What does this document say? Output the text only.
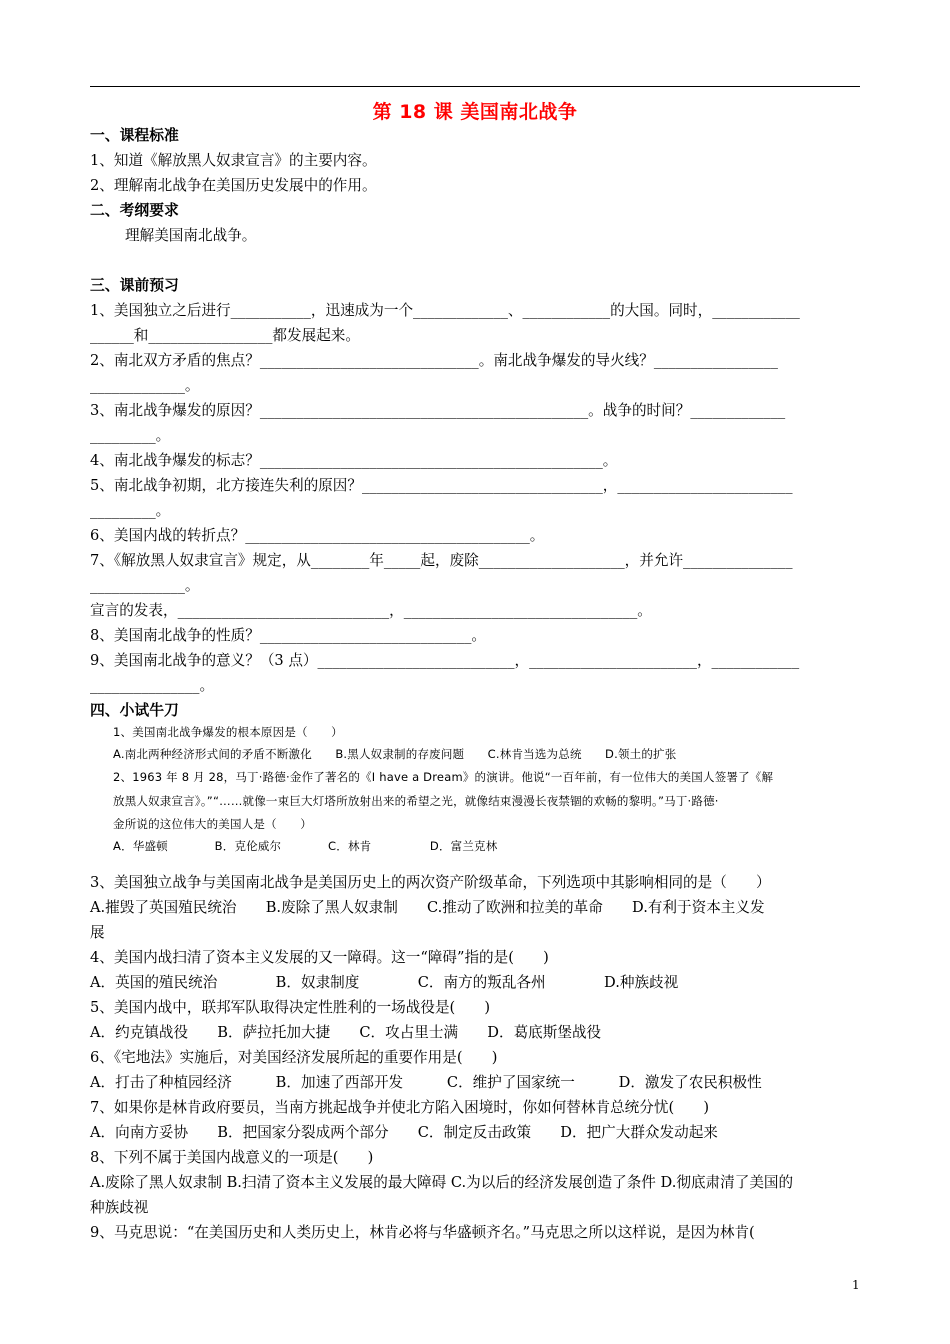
第 18 课 美国南北战争
一、课程标准
1、知道《解放黑人奴隶宣言》的主要内容。
2、理解南北战争在美国历史发展中的作用。
二、考纲要求
理解美国南北战争。
三、课前预习
1、美国独立之后进行___________，迅速成为一个_____________、____________的大国。同时，____________
______和_________________都发展起来。
2、南北双方矛盾的焦点？______________________________。南北战争爆发的导火线？_________________
_____________。
3、南北战争爆发的原因？_____________________________________________。战争的时间？_____________
_________。
4、南北战争爆发的标志？_______________________________________________。
5、南北战争初期，北方接连失利的原因？_________________________________，________________________
_________。
6、美国内战的转折点？_______________________________________。
7、《解放黑人奴隶宣言》规定，从________年_____起，废除____________________，并允许_______________
_____________。
宣言的发表，_____________________________，________________________________。
8、美国南北战争的性质？_____________________________。
9、美国南北战争的意义？（3 点）___________________________，_______________________，____________
_______________。
四、小试牛刀
1、美国南北战争爆发的根本原因是（　　）
A.南北两种经济形式间的矛盾不断激化　　B.黑人奴隶制的存废问题　　C.林肯当选为总统　　D.领土的扩张
2、1963 年 8 月 28，马丁·路德·金作了著名的《I have a Dream》的演讲。他说“一百年前，有一位伟大的美国人签署了《解
放黑人奴隶宣言》。”“……就像一束巨大灯塔所放射出来的希望之光，就像结束漫漫长夜禁锢的欢畅的黎明。”马丁·路德·
金所说的这位伟大的美国人是（　　）
A．华盛顿　　　　B．克伦威尔　　　　C．林肯　　　　　D．富兰克林
3、美国独立战争与美国南北战争是美国历史上的两次资产阶级革命，下列选项中其影响相同的是（　　）
A.摧毁了英国殖民统治　　B.废除了黑人奴隶制　　C.推动了欧洲和拉美的革命　　D.有利于资本主义发
展
4、美国内战扫清了资本主义发展的又一障碍。这一“障碍”指的是(　　)
A．英国的殖民统治　　　　B．奴隶制度　　　　C．南方的叛乱各州　　　　D.种族歧视
5、美国内战中，联邦军队取得决定性胜利的一场战役是(　　)
A．约克镇战役　　B．萨拉托加大捷　　C．攻占里士满　　D．葛底斯堡战役
6、《宅地法》实施后，对美国经济发展所起的重要作用是(　　)
A．打击了种植园经济　　　B．加速了西部开发　　　C．维护了国家统一　　　D．激发了农民积极性
7、如果你是林肯政府要员，当南方挑起战争并使北方陷入困境时，你如何替林肯总统分忧(　　)
A．向南方妥协　　B．把国家分裂成两个部分　　C．制定反击政策　　D．把广大群众发动起来
8、下列不属于美国内战意义的一项是(　　)
A.废除了黑人奴隶制 B.扫清了资本主义发展的最大障碍 C.为以后的经济发展创造了条件 D.彻底肃清了美国的
种族歧视
9、马克思说：“在美国历史和人类历史上，林肯必将与华盛顿齐名。”马克思之所以这样说，是因为林肯(
1
